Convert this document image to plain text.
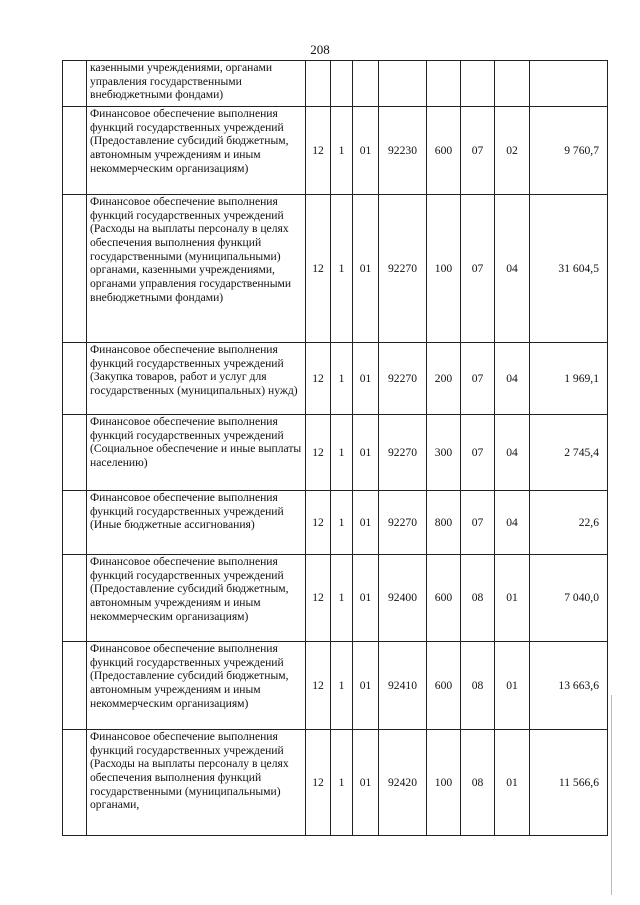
208
	казенными учреждениями, органами управления государственными внебюджетными фондами)								
	Финансовое обеспечение выполнения функций государственных учреждений (Предоставление субсидий бюджетным, автономным учреждениям и иным некоммерческим организациям)	12	1	01	92230	600	07	02	9 760,7
	Финансовое обеспечение выполнения функций государственных учреждений (Расходы на выплаты персоналу в целях обеспечения выполнения функций государственными (муниципальными) органами, казенными учреждениями, органами управления государственными внебюджетными фондами)	12	1	01	92270	100	07	04	31 604,5
	Финансовое обеспечение выполнения функций государственных учреждений (Закупка товаров, работ и услуг для государственных (муниципальных) нужд)	12	1	01	92270	200	07	04	1 969,1
	Финансовое обеспечение выполнения функций государственных учреждений (Социальное обеспечение и иные выплаты населению)	12	1	01	92270	300	07	04	2 745,4
	Финансовое обеспечение выполнения функций государственных учреждений (Иные бюджетные ассигнования)	12	1	01	92270	800	07	04	22,6
	Финансовое обеспечение выполнения функций государственных учреждений (Предоставление субсидий бюджетным, автономным учреждениям и иным некоммерческим организациям)	12	1	01	92400	600	08	01	7 040,0
	Финансовое обеспечение выполнения функций государственных учреждений (Предоставление субсидий бюджетным, автономным учреждениям и иным некоммерческим организациям)	12	1	01	92410	600	08	01	13 663,6
	Финансовое обеспечение выполнения функций государственных учреждений (Расходы на выплаты персоналу в целях обеспечения выполнения функций государственными (муниципальными) органами,	12	1	01	92420	100	08	01	11 566,6
